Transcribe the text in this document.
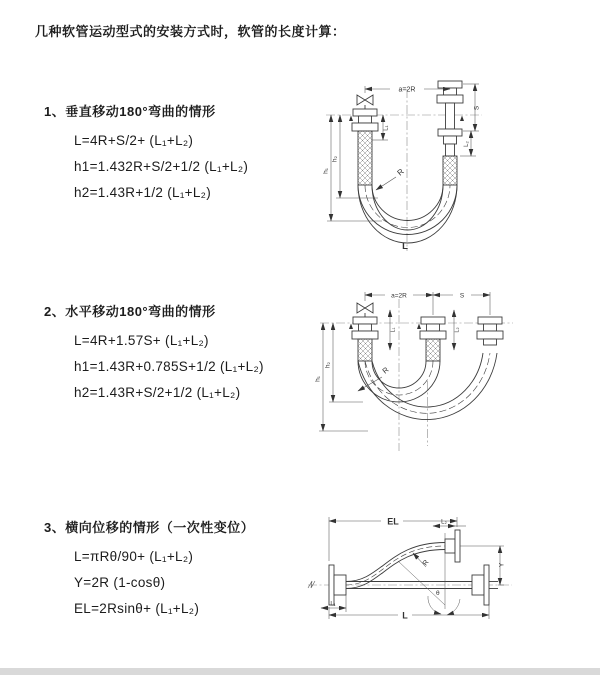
几种软管运动型式的安装方式时，软管的长度计算：
1、垂直移动180°弯曲的情形

L=4R+S/2+ (L₁+L₂)

h1=1.432R+S/2+1/2 (L₁+L₂)

h2=1.43R+1/2 (L₁+L₂)

a=2R
h₁
h₂
S
L₂
L₁
R
L
2、水平移动180°弯曲的情形

L=4R+1.57S+ (L₁+L₂)

h1=1.43R+0.785S+1/2 (L₁+L₂)

h2=1.43R+S/2+1/2 (L₁+L₂)

a=2R	S
h₁
h₂
L₁	L₂
R
3、横向位移的情形（一次性变位）

L=πRθ/90+ (L₁+L₂)

Y=2R (1-cosθ)

EL=2Rsinθ+ (L₁+L₂)

EL	L₂
Y
L
L₁
R
θ
